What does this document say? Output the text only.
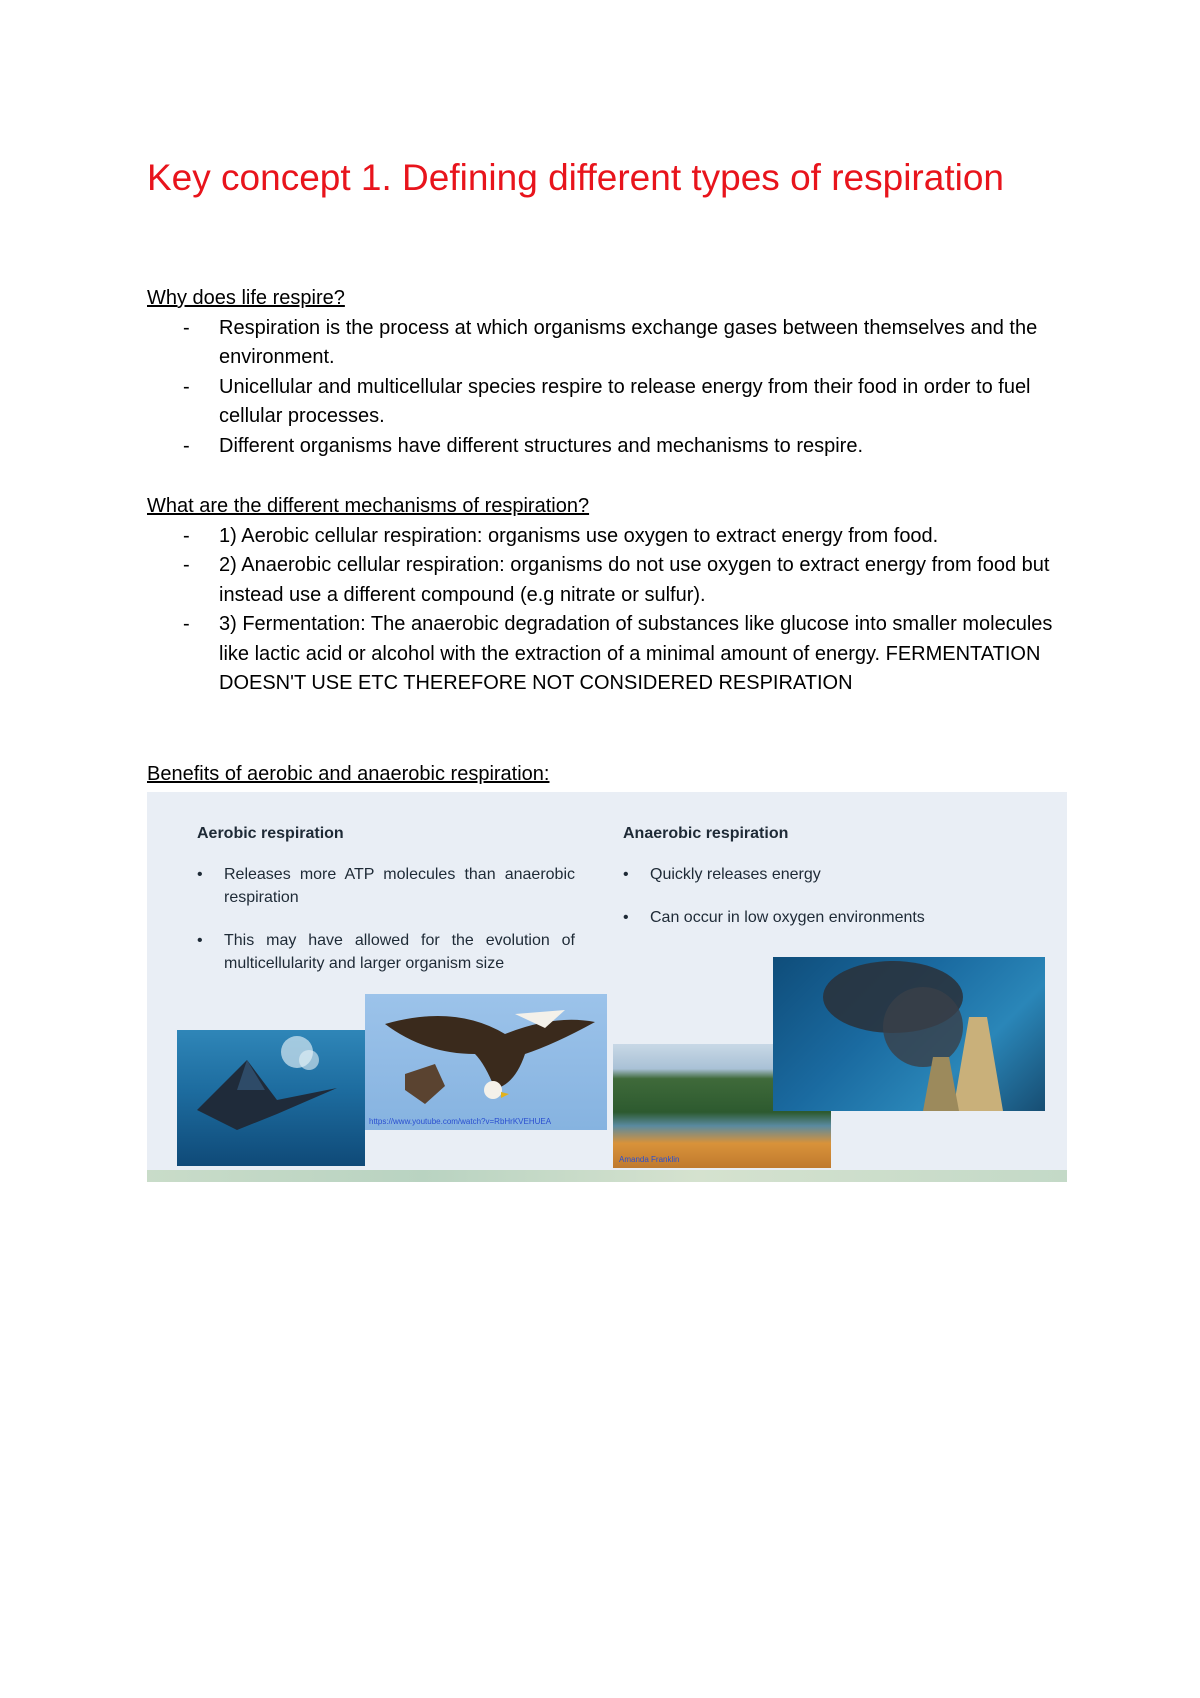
Key concept 1. Defining different types of respiration

Why does life respire?

- Respiration is the process at which organisms exchange gases between themselves and the environment.
- Unicellular and multicellular species respire to release energy from their food in order to fuel cellular processes.
- Different organisms have different structures and mechanisms to respire.

What are the different mechanisms of respiration?

- 1) Aerobic cellular respiration: organisms use oxygen to extract energy from food.
- 2) Anaerobic cellular respiration: organisms do not use oxygen to extract energy from food but instead use a different compound (e.g nitrate or sulfur).
- 3) Fermentation: The anaerobic degradation of substances like glucose into smaller molecules like lactic acid or alcohol with the extraction of a minimal amount of energy. FERMENTATION DOESN'T USE ETC THEREFORE NOT CONSIDERED RESPIRATION

Benefits of aerobic and anaerobic respiration:

Aerobic respiration
• Releases more ATP molecules than anaerobic respiration
• This may have allowed for the evolution of multicellularity and larger organism size
Anaerobic respiration
• Quickly releases energy
• Can occur in low oxygen environments
https://www.youtube.com/watch?v=RbHrKVEHUEA
Amanda Franklin
